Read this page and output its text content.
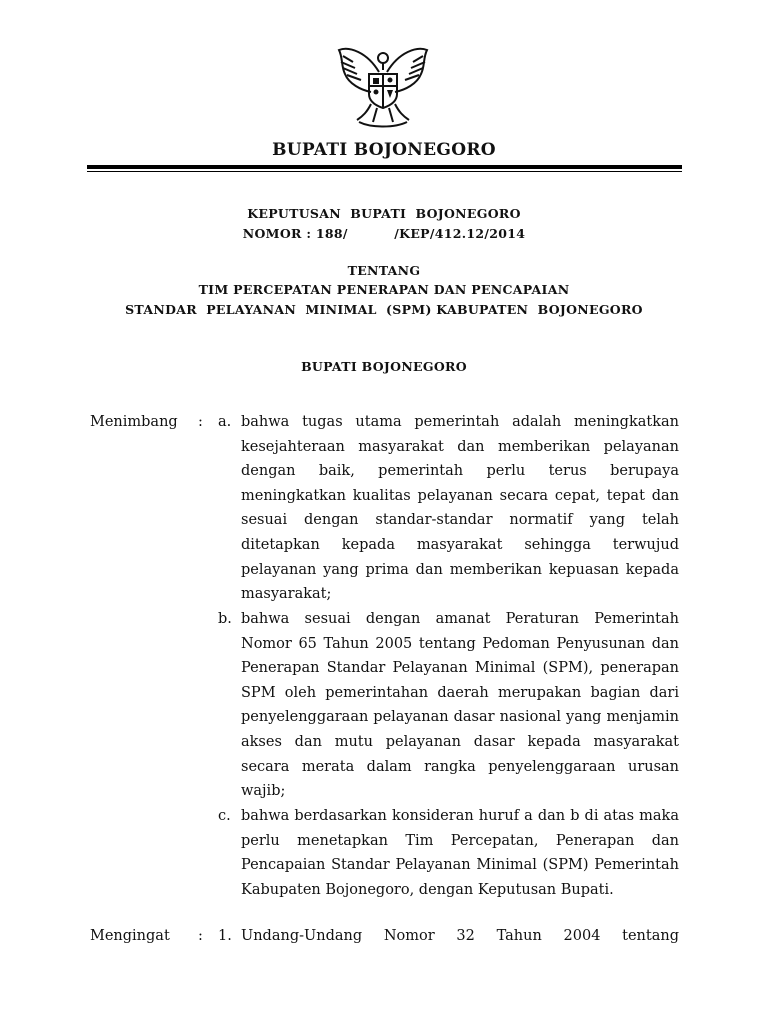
BUPATI BOJONEGORO
KEPUTUSAN  BUPATI  BOJONEGORO
NOMOR : 188/          /KEP/412.12/2014
TENTANG
TIM PERCEPATAN PENERAPAN DAN PENCAPAIAN
STANDAR  PELAYANAN  MINIMAL  (SPM) KABUPATEN  BOJONEGORO
BUPATI BOJONEGORO
Menimbang : a. bahwa tugas utama pemerintah adalah meningkatkan kesejahteraan masyarakat dan memberikan pelayanan dengan baik, pemerintah perlu terus berupaya meningkatkan kualitas pelayanan secara cepat, tepat dan sesuai dengan standar-standar normatif yang telah ditetapkan kepada masyarakat sehingga terwujud pelayanan yang prima dan memberikan kepuasan kepada masyarakat;

b. bahwa sesuai dengan amanat Peraturan Pemerintah Nomor 65 Tahun 2005 tentang Pedoman Penyusunan dan Penerapan Standar Pelayanan Minimal (SPM), penerapan SPM oleh pemerintahan daerah merupakan bagian dari penyelenggaraan pelayanan dasar nasional yang menjamin akses dan mutu pelayanan dasar kepada masyarakat secara merata dalam rangka penyelenggaraan urusan wajib;

c. bahwa berdasarkan konsideran huruf a dan b di atas maka perlu menetapkan Tim Percepatan, Penerapan dan Pencapaian Standar Pelayanan Minimal (SPM) Pemerintah Kabupaten Bojonegoro, dengan Keputusan Bupati.

Mengingat : 1. Undang-Undang Nomor 32 Tahun 2004 tentang
